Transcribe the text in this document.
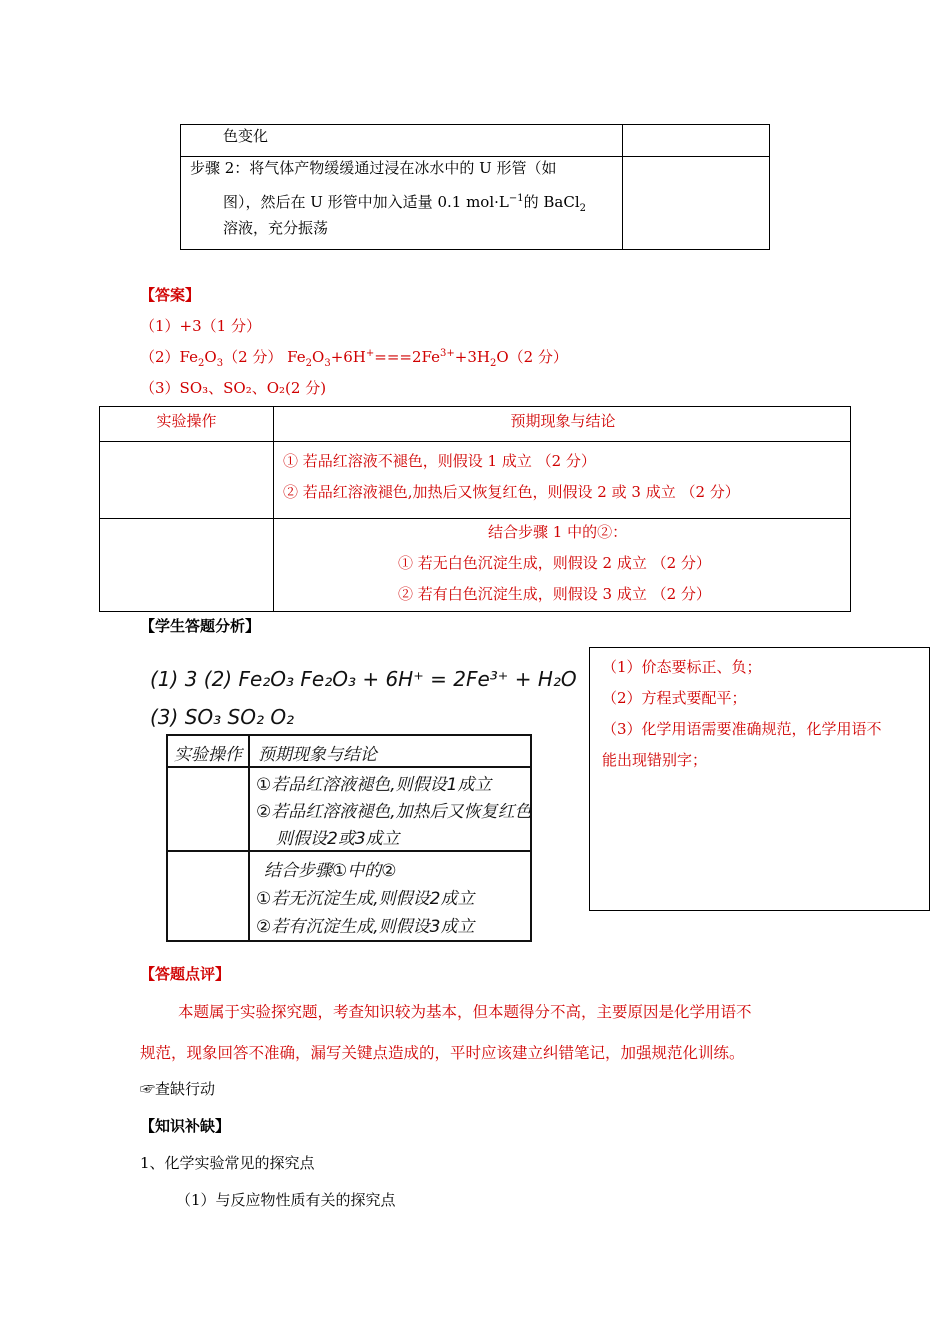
色变化
步骤 2：将气体产物缓缓通过浸在冰水中的 U 形管（如
图），然后在 U 形管中加入适量 0.1 $mol\cdot L^{-1}$的 BaCl$_2$
溶液，充分振荡
【答案】
（1）+3（1 分）
$(2)Fe_2O_3(2$ 分） $Fe_2O_3+6H^+===2Fe^{3+}+3H_2O(2$ 分）
（3）SO₃、SO₂、O₂(2 分)
实验操作	预期现象与结论
① 若品红溶液不褪色，则假设 1 成立 （2 分）
② 若品红溶液褪色,加热后又恢复红色，则假设 2 或 3 成立 （2 分）
结合步骤 1 中的②：
① 若无白色沉淀生成，则假设 2 成立 （2 分）
② 若有白色沉淀生成，则假设 3 成立 （2 分）
【学生答题分析】
(1) 3 (2) Fe₂O₃ Fe₂O₃ + 6H⁺ = 2Fe³⁺ + H₂O
(3) SO₃ SO₂ O₂
实验操作 预期现象与结论
①若品红溶液褪色,则假设1成立
②若品红溶液褪色,加热后又恢复红色
则假设2或3成立
结合步骤①中的②
①若无沉淀生成,则假设2成立
②若有沉淀生成,则假设3成立
（1）价态要标正、负；
（2）方程式要配平；
（3）化学用语需要准确规范，化学用语不
能出现错别字；
【答题点评】
本题属于实验探究题，考查知识较为基本，但本题得分不高，主要原因是化学用语不
规范，现象回答不准确，漏写关键点造成的，平时应该建立纠错笔记，加强规范化训练。
☞查缺行动
【知识补缺】
1、化学实验常见的探究点
（1）与反应物性质有关的探究点
